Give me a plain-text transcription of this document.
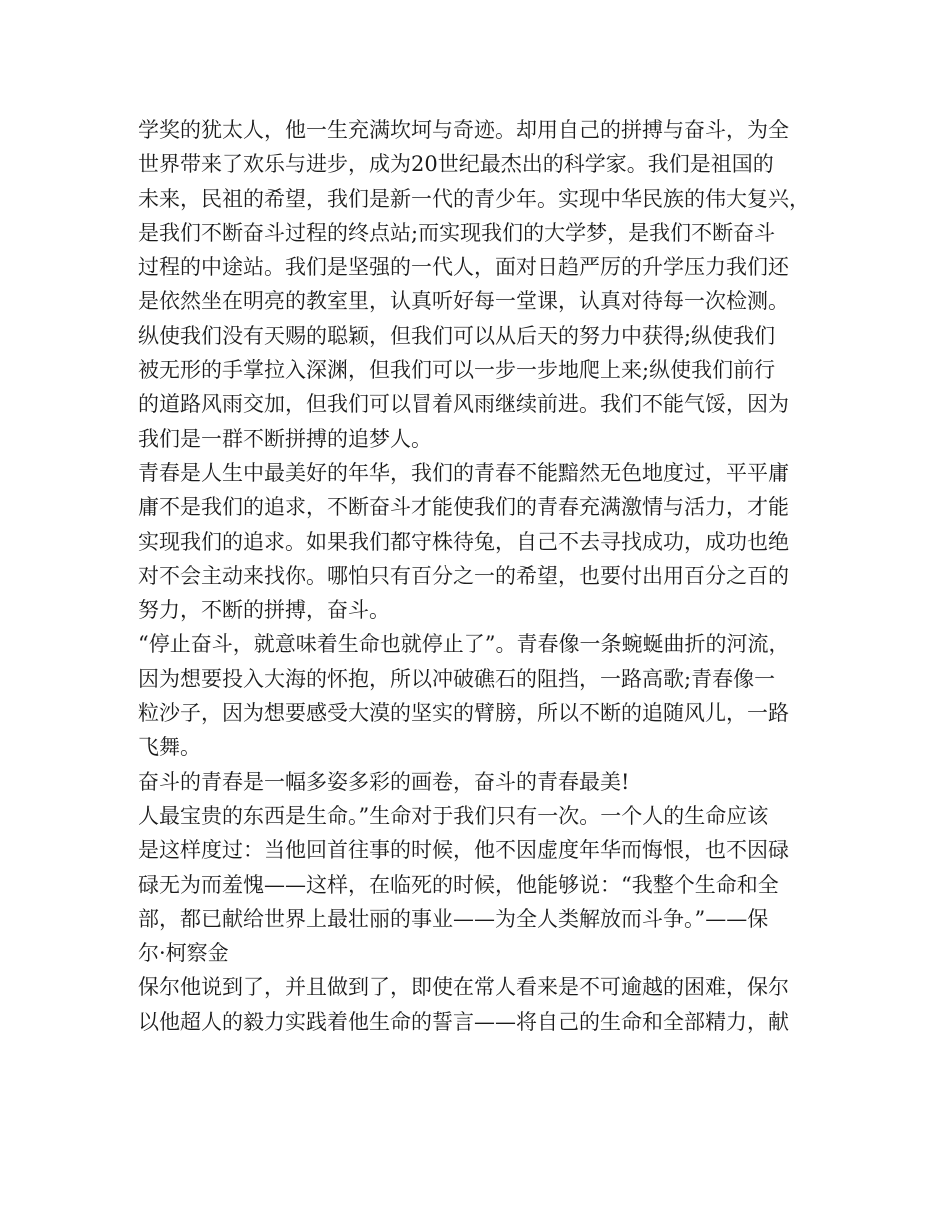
学奖的犹太人，他一生充满坎坷与奇迹。却用自己的拼搏与奋斗，为全
世界带来了欢乐与进步，成为20世纪最杰出的科学家。我们是祖国的
未来，民祖的希望，我们是新一代的青少年。实现中华民族的伟大复兴，
是我们不断奋斗过程的终点站;而实现我们的大学梦，是我们不断奋斗
过程的中途站。我们是坚强的一代人，面对日趋严厉的升学压力我们还
是依然坐在明亮的教室里，认真听好每一堂课，认真对待每一次检测。
纵使我们没有天赐的聪颖，但我们可以从后天的努力中获得;纵使我们
被无形的手掌拉入深渊，但我们可以一步一步地爬上来;纵使我们前行
的道路风雨交加，但我们可以冒着风雨继续前进。我们不能气馁，因为
我们是一群不断拼搏的追梦人。
青春是人生中最美好的年华，我们的青春不能黯然无色地度过，平平庸
庸不是我们的追求，不断奋斗才能使我们的青春充满激情与活力，才能
实现我们的追求。如果我们都守株待兔，自己不去寻找成功，成功也绝
对不会主动来找你。哪怕只有百分之一的希望，也要付出用百分之百的
努力，不断的拼搏，奋斗。
“停止奋斗，就意味着生命也就停止了”。青春像一条蜿蜒曲折的河流，
因为想要投入大海的怀抱，所以冲破礁石的阻挡，一路高歌;青春像一
粒沙子，因为想要感受大漠的坚实的臂膀，所以不断的追随风儿，一路
飞舞。
奋斗的青春是一幅多姿多彩的画卷，奋斗的青春最美!
人最宝贵的东西是生命。”生命对于我们只有一次。一个人的生命应该
是这样度过：当他回首往事的时候，他不因虚度年华而悔恨，也不因碌
碌无为而羞愧——这样，在临死的时候，他能够说：“我整个生命和全
部，都已献给世界上最壮丽的事业——为全人类解放而斗争。”——保
尔·柯察金
保尔他说到了，并且做到了，即使在常人看来是不可逾越的困难，保尔
以他超人的毅力实践着他生命的誓言——将自己的生命和全部精力，献
